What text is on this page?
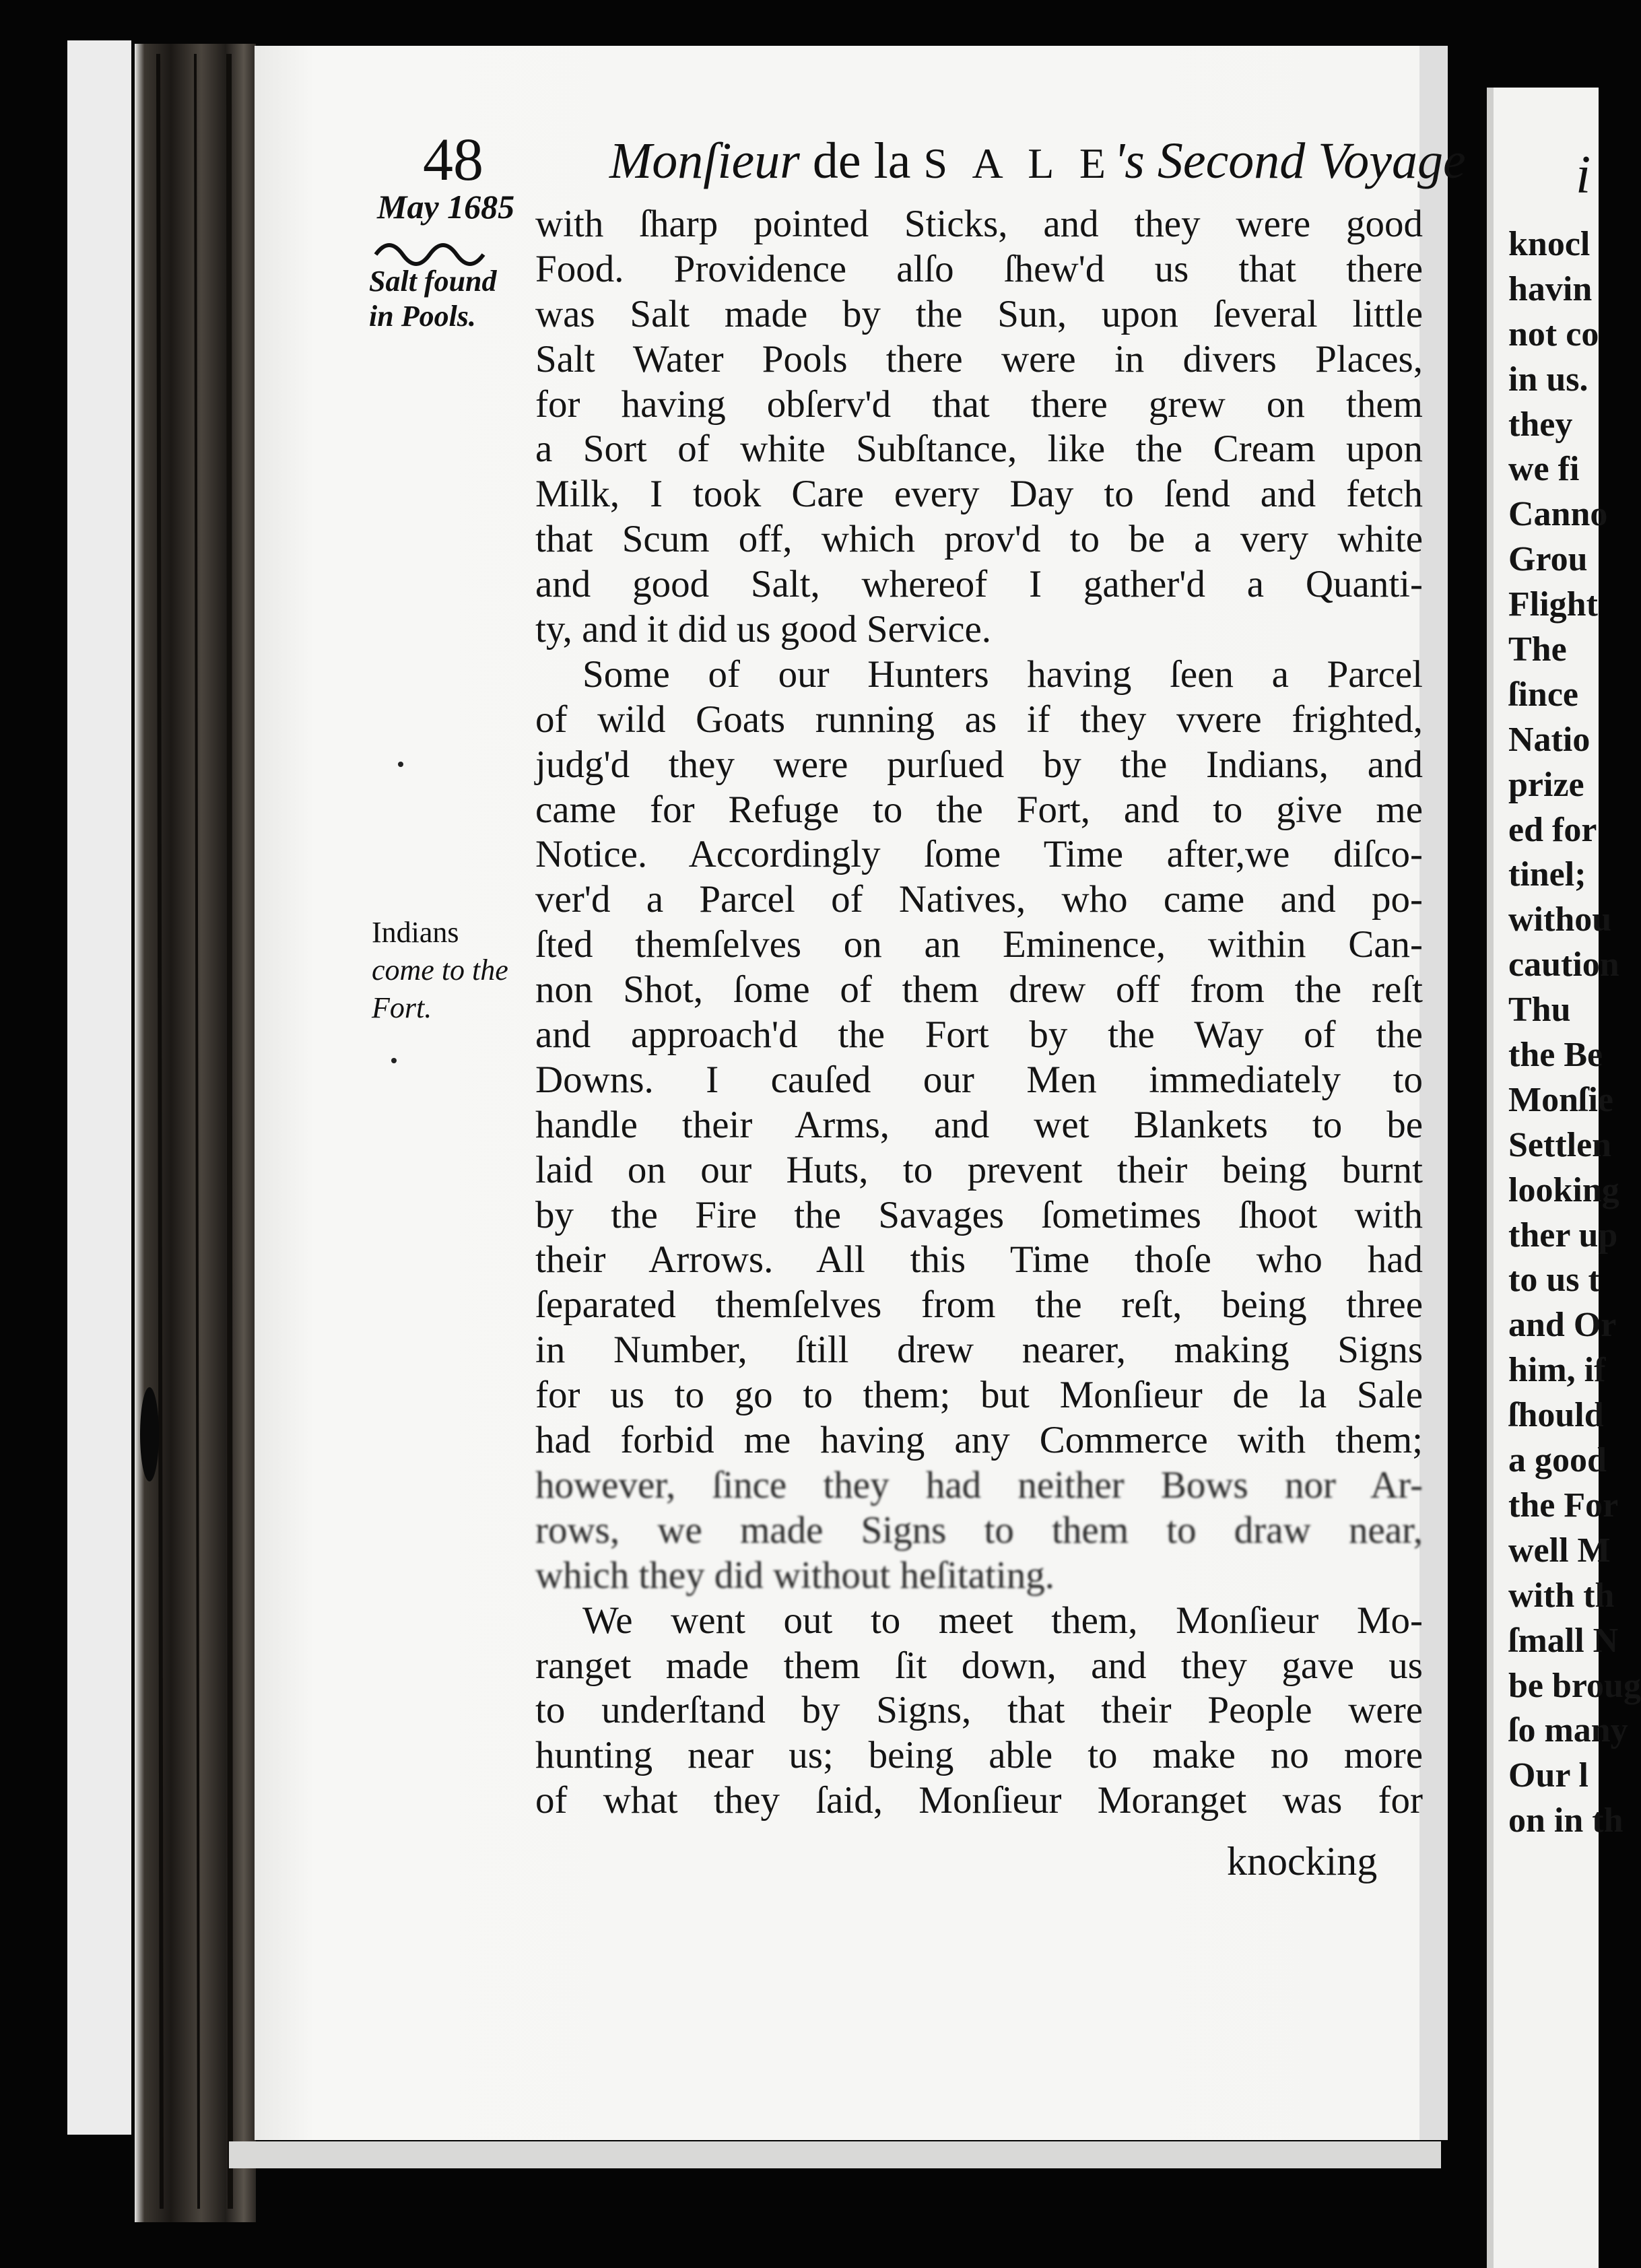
48 Monſieur de la S A L E's Second Voyage
May 1685
Salt found
in Pools.
Indians
come to the
Fort.
with ſharp pointed Sticks, and they were good
Food. Providence alſo ſhew'd us that there
was Salt made by the Sun, upon ſeveral little
Salt Water Pools there were in divers Places,
for having obſerv'd that there grew on them
a Sort of white Subſtance, like the Cream upon
Milk, I took Care every Day to ſend and fetch
that Scum off, which prov'd to be a very white
and good Salt, whereof I gather'd a Quanti-
ty, and it did us good Service.
Some of our Hunters having ſeen a Parcel
of wild Goats running as if they vvere frighted,
judg'd they were purſued by the Indians, and
came for Refuge to the Fort, and to give me
Notice. Accordingly ſome Time after,we diſco-
ver'd a Parcel of Natives, who came and po-
ſted themſelves on an Eminence, within Can-
non Shot, ſome of them drew off from the reſt
and approach'd the Fort by the Way of the
Downs. I cauſed our Men immediately to
handle their Arms, and wet Blankets to be
laid on our Huts, to prevent their being burnt
by the Fire the Savages ſometimes ſhoot with
their Arrows. All this Time thoſe who had
ſeparated themſelves from the reſt, being three
in Number, ſtill drew nearer, making Signs
for us to go to them; but Monſieur de la Sale
had forbid me having any Commerce with them;
however, ſince they had neither Bows nor Ar-
rows, we made Signs to them to draw near,
which they did without heſitating.
We went out to meet them, Monſieur Mo-
ranget made them ſit down, and they gave us
to underſtand by Signs, that their People were
hunting near us; being able to make no more
of what they ſaid, Monſieur Moranget was for
knocking
i
knocl
havin
not co
in us.
they
we fi
Canno
Grou
Flight
The
ſince
Natio
prize
ed for
tinel;
withou
caution
Thu
the Be
Monſie
Settlen
looking
ther up
to us t
and Or
him, if
ſhould
a good
the For
well M
with th
ſmall N
be broug
ſo many
Our l
on in th
